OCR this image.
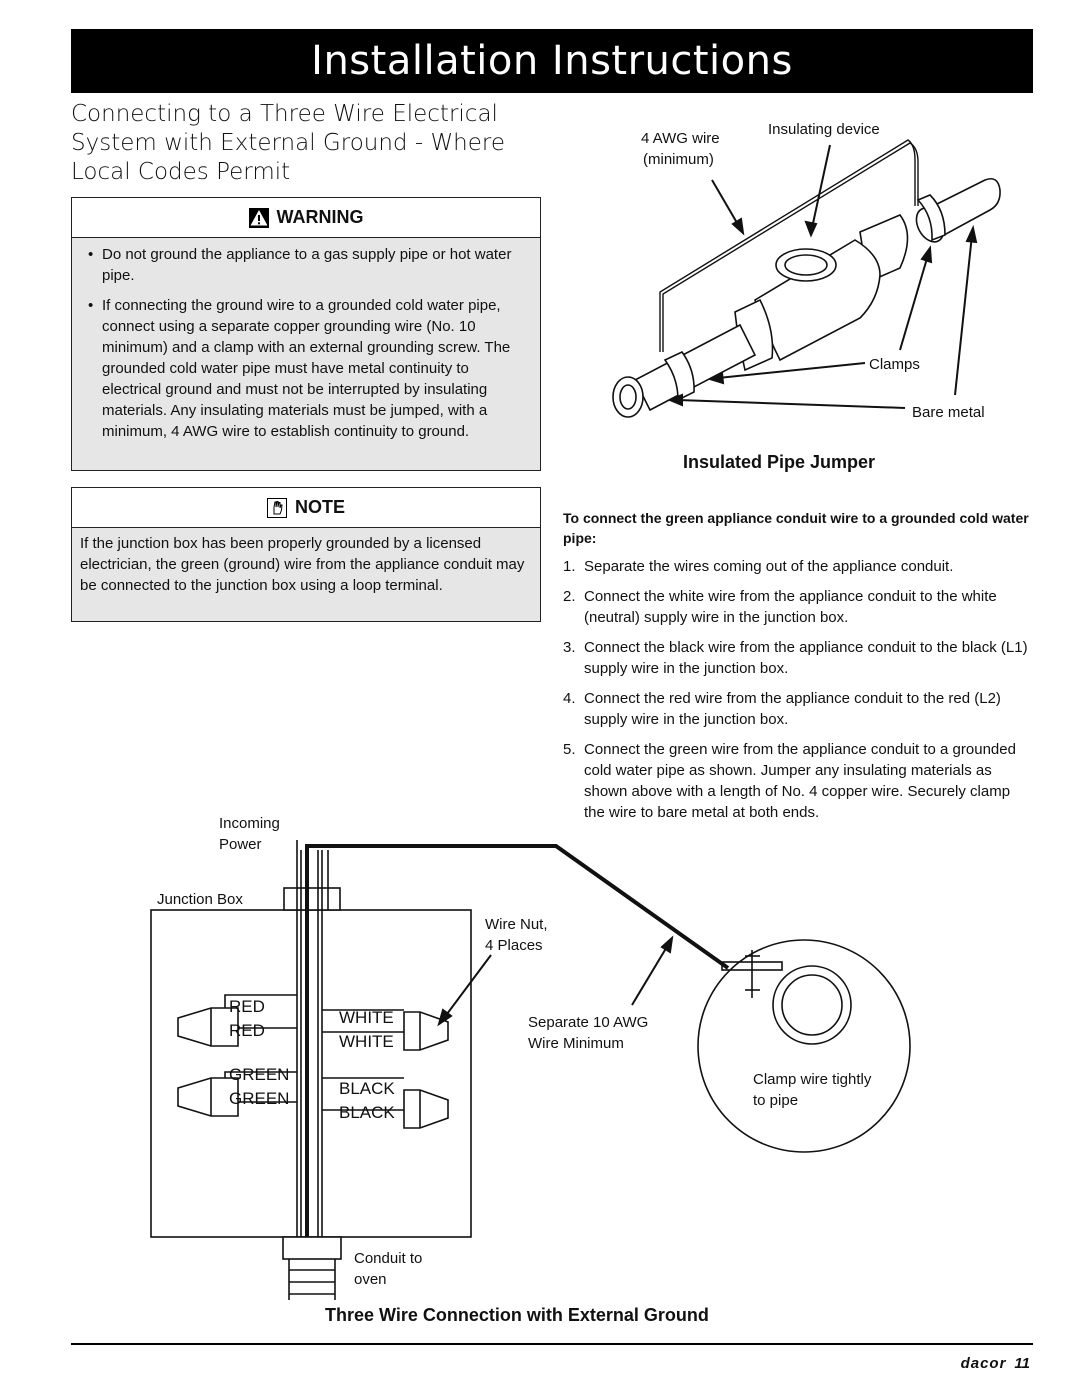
Installation Instructions
Connecting to a Three Wire Electrical System with External Ground - Where Local Codes Permit
WARNING
• Do not ground the appliance to a gas supply pipe or hot water pipe.
• If connecting the ground wire to a grounded cold water pipe, connect using a separate copper grounding wire (No. 10 minimum) and a clamp with an external grounding screw. The grounded cold water pipe must have metal continuity to electrical ground and must not be interrupted by insulating materials. Any insulating materials must be jumped, with a minimum, 4 AWG wire to establish continuity to ground.
NOTE
If the junction box has been properly grounded by a licensed electrician, the green (ground) wire from the appliance conduit may be connected to the junction box using a loop terminal.
4 AWG wire
(minimum)
Insulating device
Clamps
Bare metal
Insulated Pipe Jumper
To connect the green appliance conduit wire to a grounded cold water pipe:
1. Separate the wires coming out of the appliance conduit.
2. Connect the white wire from the appliance conduit to the white (neutral) supply wire in the junction box.
3. Connect the black wire from the appliance conduit to the black (L1) supply wire in the junction box.
4. Connect the red wire from the appliance conduit to the red (L2) supply wire in the junction box.
5. Connect the green wire from the appliance conduit to a grounded cold water pipe as shown. Jumper any insulating materials as shown above with a length of No. 4 copper wire. Securely clamp the wire to bare metal at both ends.
Incoming
Power
Junction Box
Wire Nut,
4 Places
Separate 10 AWG
Wire Minimum
Clamp wire tightly
to pipe
Conduit to
oven
RED
RED
GREEN
GREEN
WHITE
WHITE
BLACK
BLACK
Three Wire Connection with External Ground
dacor 11
